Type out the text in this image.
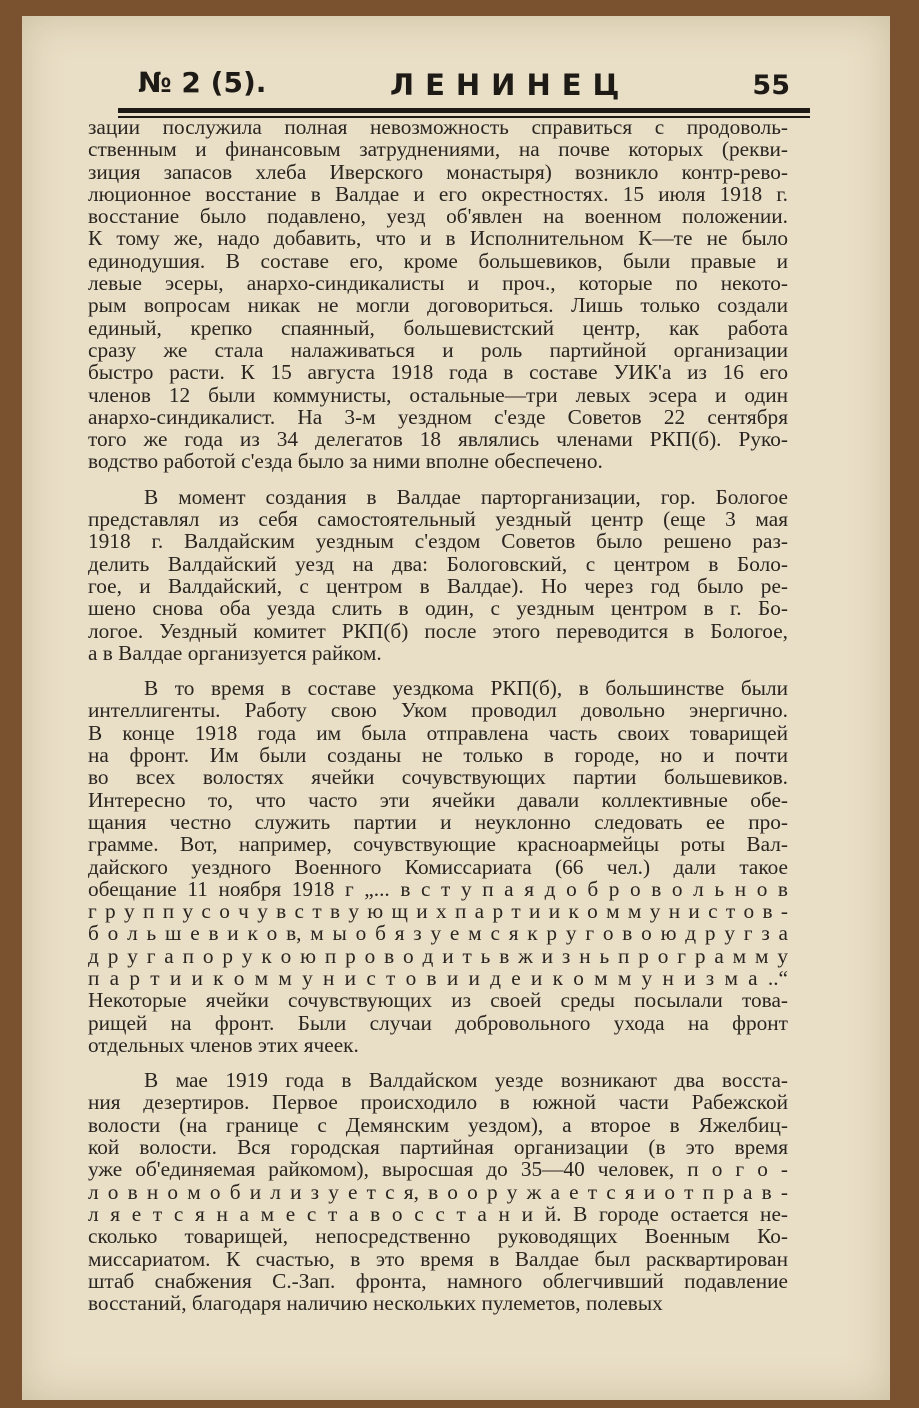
№ 2 (5).	ЛЕНИНЕЦ	55
зации послужила полная невозможность справиться с продоволь-
ственным и финансовым затруднениями, на почве которых (рекви-
зиция запасов хлеба Иверского монастыря) возникло контр-рево-
люционное восстание в Валдае и его окрестностях. 15 июля 1918 г.
восстание было подавлено, уезд об'явлен на военном положении.
К тому же, надо добавить, что и в Исполнительном К—те не было
единодушия. В составе его, кроме большевиков, были правые и
левые эсеры, анархо-синдикалисты и проч., которые по некото-
рым вопросам никак не могли договориться. Лишь только создали
единый, крепко спаянный, большевистский центр, как работа
сразу же стала налаживаться и роль партийной организации
быстро расти. К 15 августа 1918 года в составе УИК'а из 16 его
членов 12 были коммунисты, остальные—три левых эсера и один
анархо-синдикалист. На 3-м уездном с'езде Советов 22 сентября
того же года из 34 делегатов 18 являлись членами РКП(б). Руко-
водство работой с'езда было за ними вполне обеспечено.
В момент создания в Валдае парторганизации, гор. Бологое
представлял из себя самостоятельный уездный центр (еще 3 мая
1918 г. Валдайским уездным с'ездом Советов было решено раз-
делить Валдайский уезд на два: Бологовский, с центром в Боло-
гое, и Валдайский, с центром в Валдае). Но через год было ре-
шено снова оба уезда слить в один, с уездным центром в г. Бо-
логое. Уездный комитет РКП(б) после этого переводится в Бологое,
а в Валдае организуется райком.
В то время в составе уездкома РКП(б), в большинстве были
интеллигенты. Работу свою Уком проводил довольно энергично.
В конце 1918 года им была отправлена часть своих товарищей
на фронт. Им были созданы не только в городе, но и почти
во всех волостях ячейки сочувствующих партии большевиков.
Интересно то, что часто эти ячейки давали коллективные обе-
щания честно служить партии и неуклонно следовать ее про-
грамме. Вот, например, сочувствующие красноармейцы роты Вал-
дайского уездного Военного Комиссариата (66 чел.) дали такое
обещание 11 ноября 1918 г „... в с т у п а я д о б р о в о л ь н о в
г р у п п у с о ч у в с т в у ю щ и х п а р т и и к о м м у н и с т о в -
б о л ь ш е в и к о в, м ы о б я з у е м с я к р у г о в о ю д р у г з а
д р у г а п о р у к о ю п р о в о д и т ь в ж и з н ь п р о г р а м м у
п а р т и и к о м м у н и с т о в и и д е и к о м м у н и з м а ..“
Некоторые ячейки сочувствующих из своей среды посылали това-
рищей на фронт. Были случаи добровольного ухода на фронт
отдельных членов этих ячеек.
В мае 1919 года в Валдайском уезде возникают два восста-
ния дезертиров. Первое происходило в южной части Рабежской
волости (на границе с Демянским уездом), а второе в Яжелбиц-
кой волости. Вся городская партийная организации (в это время
уже об'единяемая райкомом), выросшая до 35—40 человек, п о г о -
л о в н о м о б и л и з у е т с я, в о о р у ж а е т с я и о т п р а в -
л я е т с я н а м е с т а в о с с т а н и й. В городе остается не-
сколько товарищей, непосредственно руководящих Военным Ко-
миссариатом. К счастью, в это время в Валдае был расквартирован
штаб снабжения С.-Зап. фронта, намного облегчивший подавление
восстаний, благодаря наличию нескольких пулеметов, полевых
